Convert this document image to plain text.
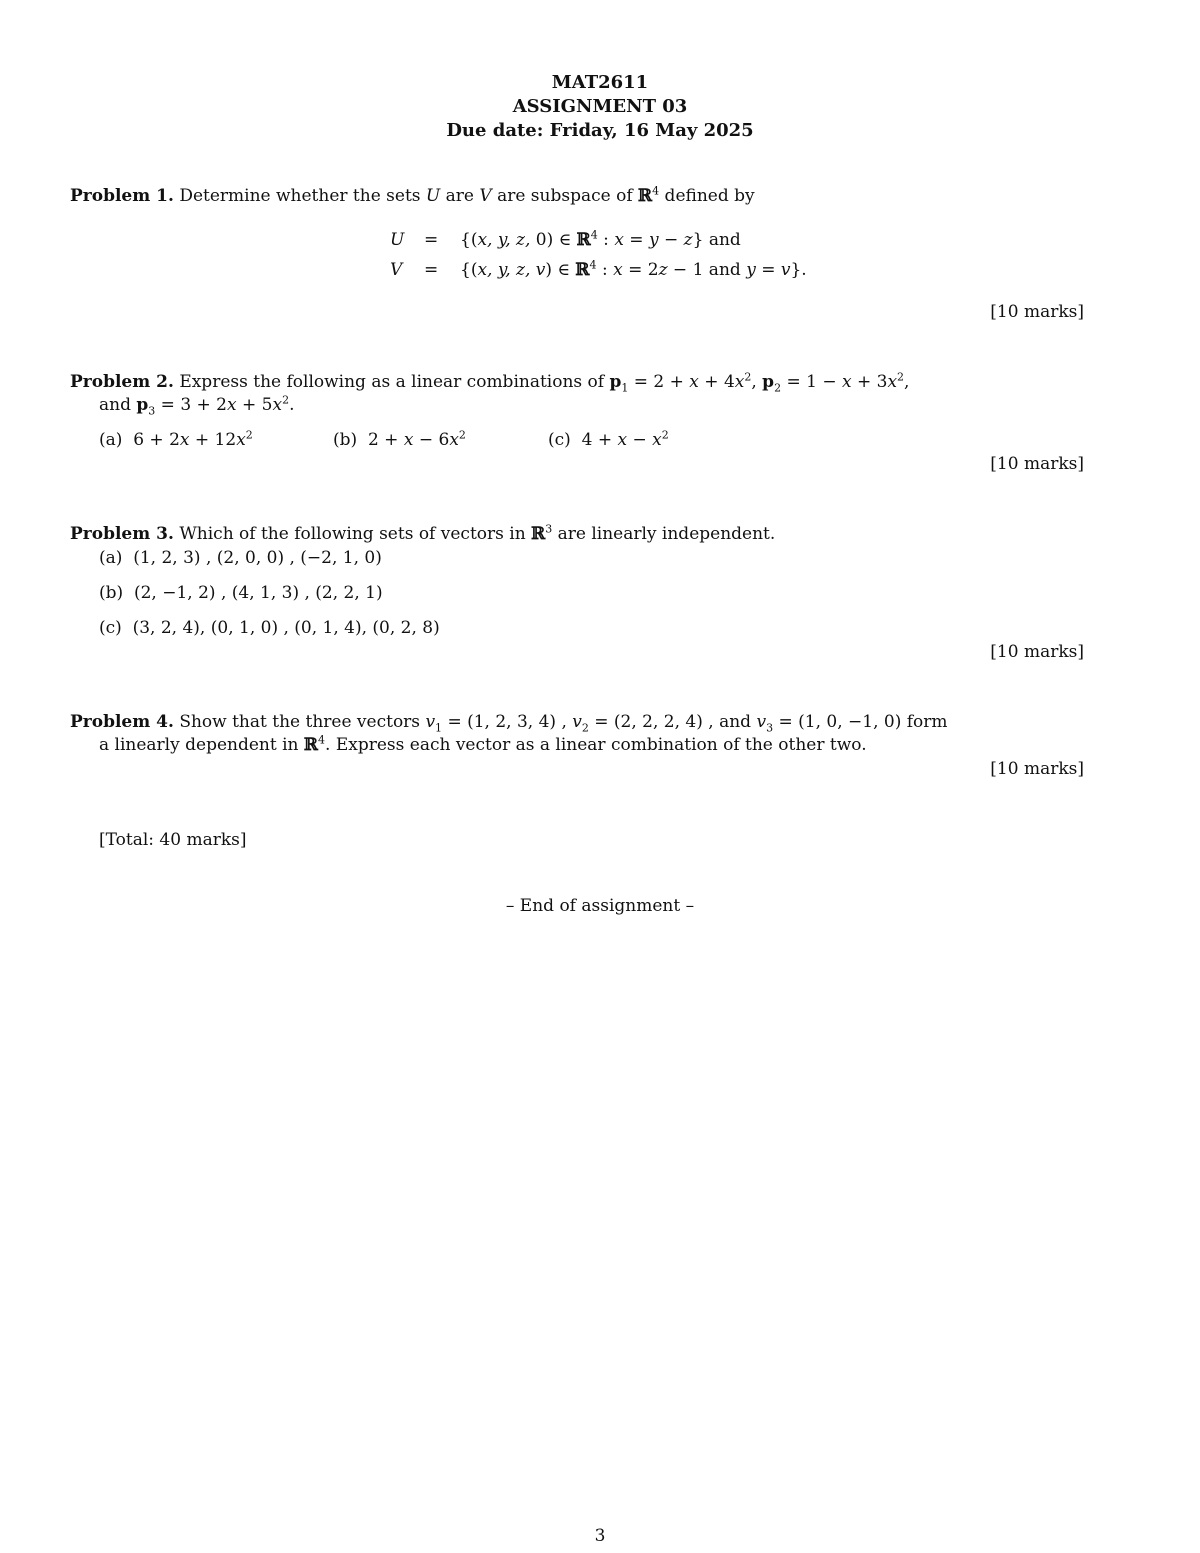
MAT2611
ASSIGNMENT 03
Due date: Friday, 16 May 2025
Problem 1. Determine whether the sets U are V are subspace of ℝ$^4$ defined by
U = {(x, y, z, 0) ∈ ℝ$^4$ : x = y − z} and
V = {(x, y, z, v) ∈ ℝ$^4$ : x = 2z − 1 and y = v}.
[10 marks]
Problem 2. Express the following as a linear combinations of $p_1 = 2 + x + 4x^2$, $p_2 = 1 - x + 3x^2$,
and $p_3 = 3 + 2x + 5x^2$.
(a)  $6 + 2x + 12x^2$	(b)  $2 + x - 6x^2$	(c)  $4 + x - x^2$
[10 marks]
Problem 3. Which of the following sets of vectors in ℝ$^3$ are linearly independent.
(a) (1, 2, 3) , (2, 0, 0) , (−2, 1, 0)
(b) (2, −1, 2) , (4, 1, 3) , (2, 2, 1)
(c) (3, 2, 4), (0, 1, 0) , (0, 1, 4), (0, 2, 8)
[10 marks]
Problem 4. Show that the three vectors $v_1 = (1$, 2, 3, 4) , $v_2 = (2$, 2, 2, 4) , and $v_3 = (1$, 0, −1, 0) form
a linearly dependent in ℝ$^4$. Express each vector as a linear combination of the other two.
[10 marks]
[Total: 40 marks]
– End of assignment –
3
